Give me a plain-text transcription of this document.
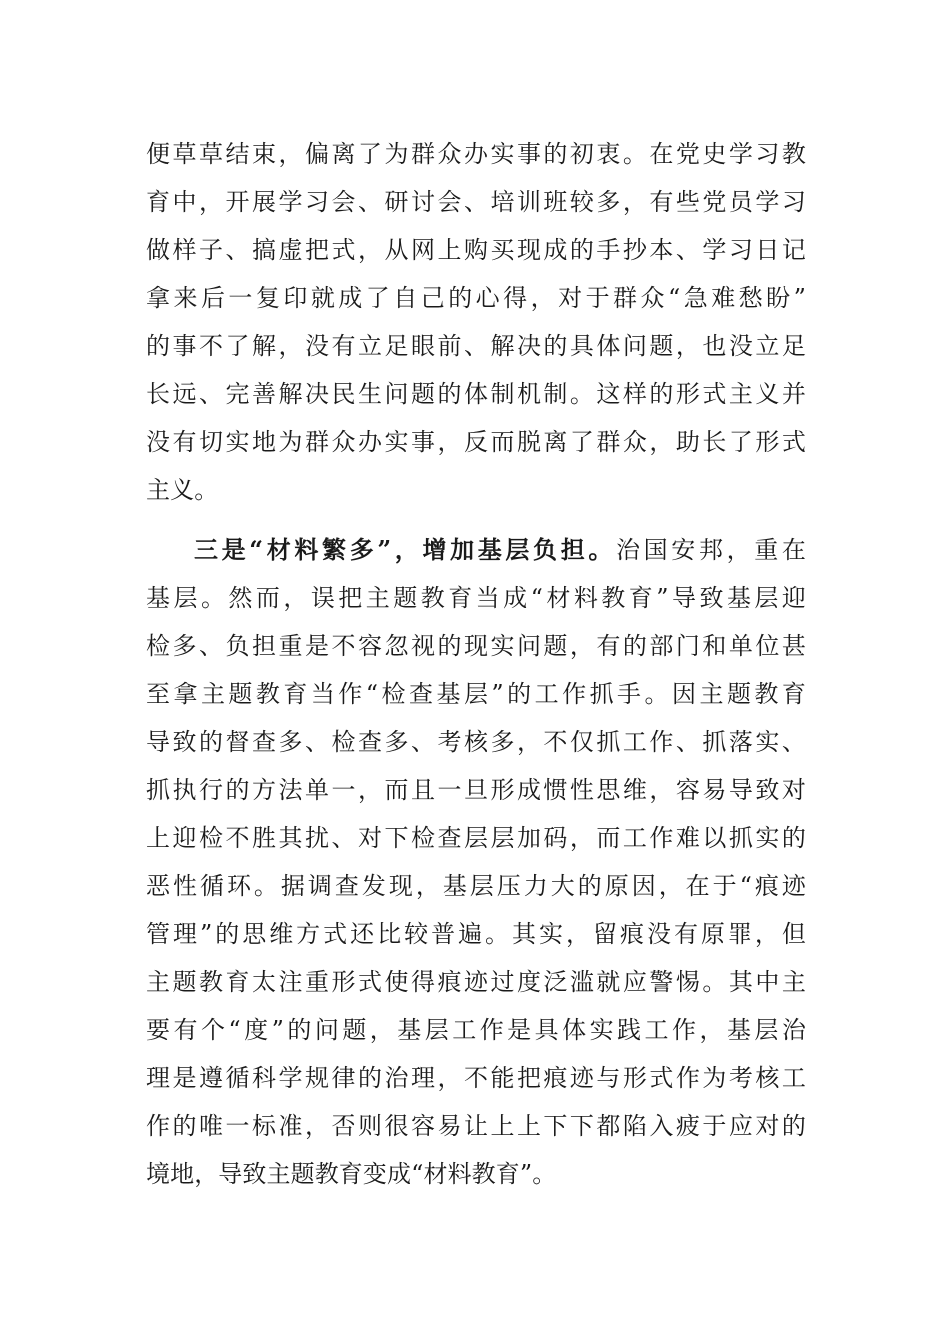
便草草结束，偏离了为群众办实事的初衷。在党史学习教
育中，开展学习会、研讨会、培训班较多，有些党员学习
做样子、搞虚把式，从网上购买现成的手抄本、学习日记
拿来后一复印就成了自己的心得，对于群众“急难愁盼”
的事不了解，没有立足眼前、解决的具体问题，也没立足
长远、完善解决民生问题的体制机制。这样的形式主义并
没有切实地为群众办实事，反而脱离了群众，助长了形式
主义。
三是“材料繁多”，增加基层负担。治国安邦，重在
基层。然而，误把主题教育当成“材料教育”导致基层迎
检多、负担重是不容忽视的现实问题，有的部门和单位甚
至拿主题教育当作“检查基层”的工作抓手。因主题教育
导致的督查多、检查多、考核多，不仅抓工作、抓落实、
抓执行的方法单一，而且一旦形成惯性思维，容易导致对
上迎检不胜其扰、对下检查层层加码，而工作难以抓实的
恶性循环。据调查发现，基层压力大的原因，在于“痕迹
管理”的思维方式还比较普遍。其实，留痕没有原罪，但
主题教育太注重形式使得痕迹过度泛滥就应警惕。其中主
要有个“度”的问题，基层工作是具体实践工作，基层治
理是遵循科学规律的治理，不能把痕迹与形式作为考核工
作的唯一标准，否则很容易让上上下下都陷入疲于应对的
境地，导致主题教育变成“材料教育”。
